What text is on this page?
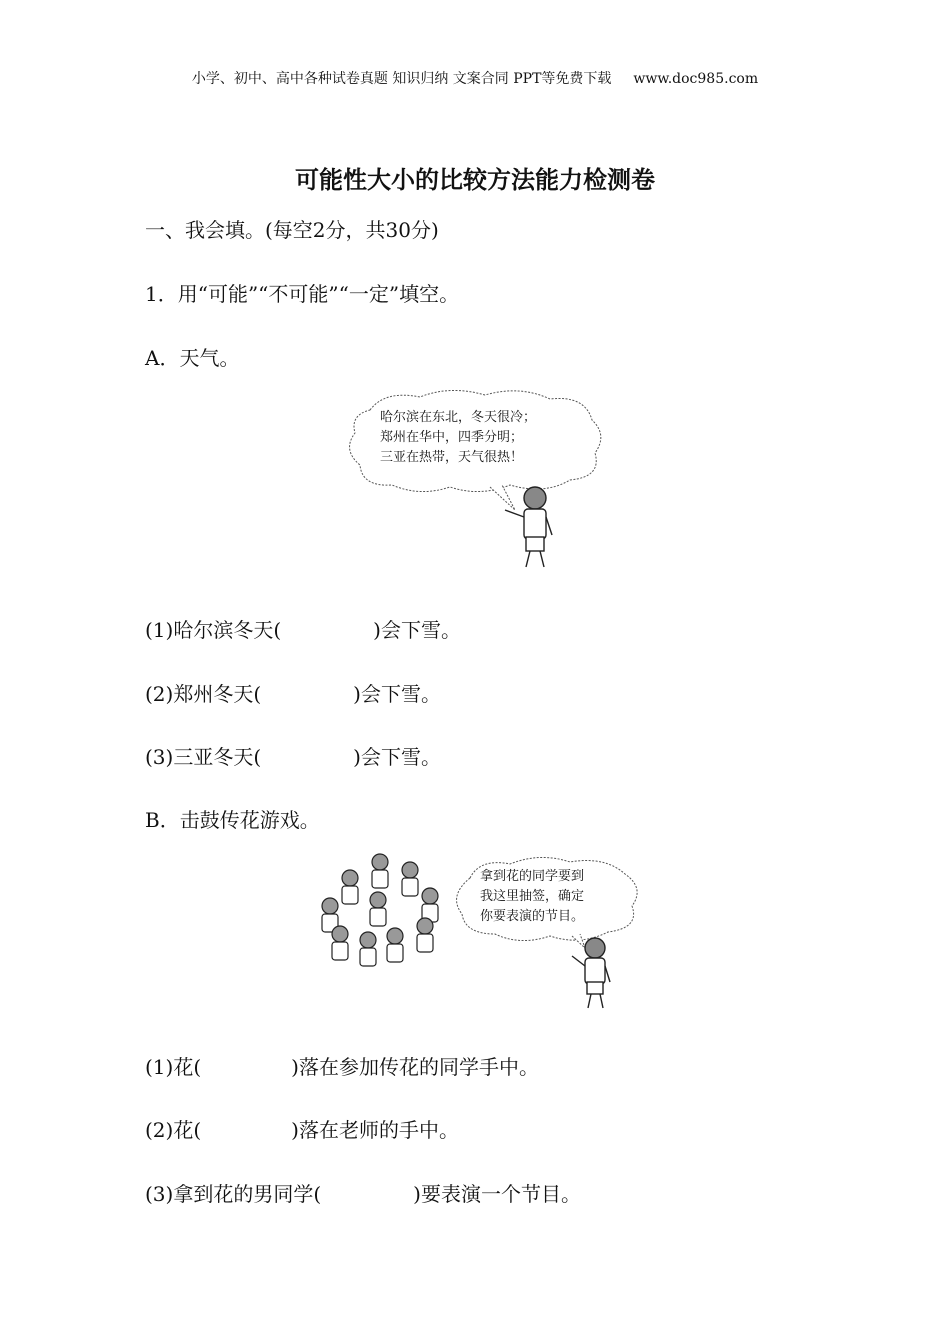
小学、初中、高中各种试卷真题 知识归纳 文案合同 PPT等免费下载 www.doc985.com
可能性大小的比较方法能力检测卷
一、我会填。(每空2分，共30分)
1．用“可能”“不可能”“一定”填空。
A．天气。
哈尔滨在东北，冬天很冷；
郑州在华中，四季分明；
三亚在热带，天气很热！
(1)哈尔滨冬天(	)会下雪。
(2)郑州冬天(	)会下雪。
(3)三亚冬天(	)会下雪。
B．击鼓传花游戏。
拿到花的同学要到
我这里抽签，确定
你要表演的节目。
(1)花(	)落在参加传花的同学手中。
(2)花(	)落在老师的手中。
(3)拿到花的男同学(	)要表演一个节目。
